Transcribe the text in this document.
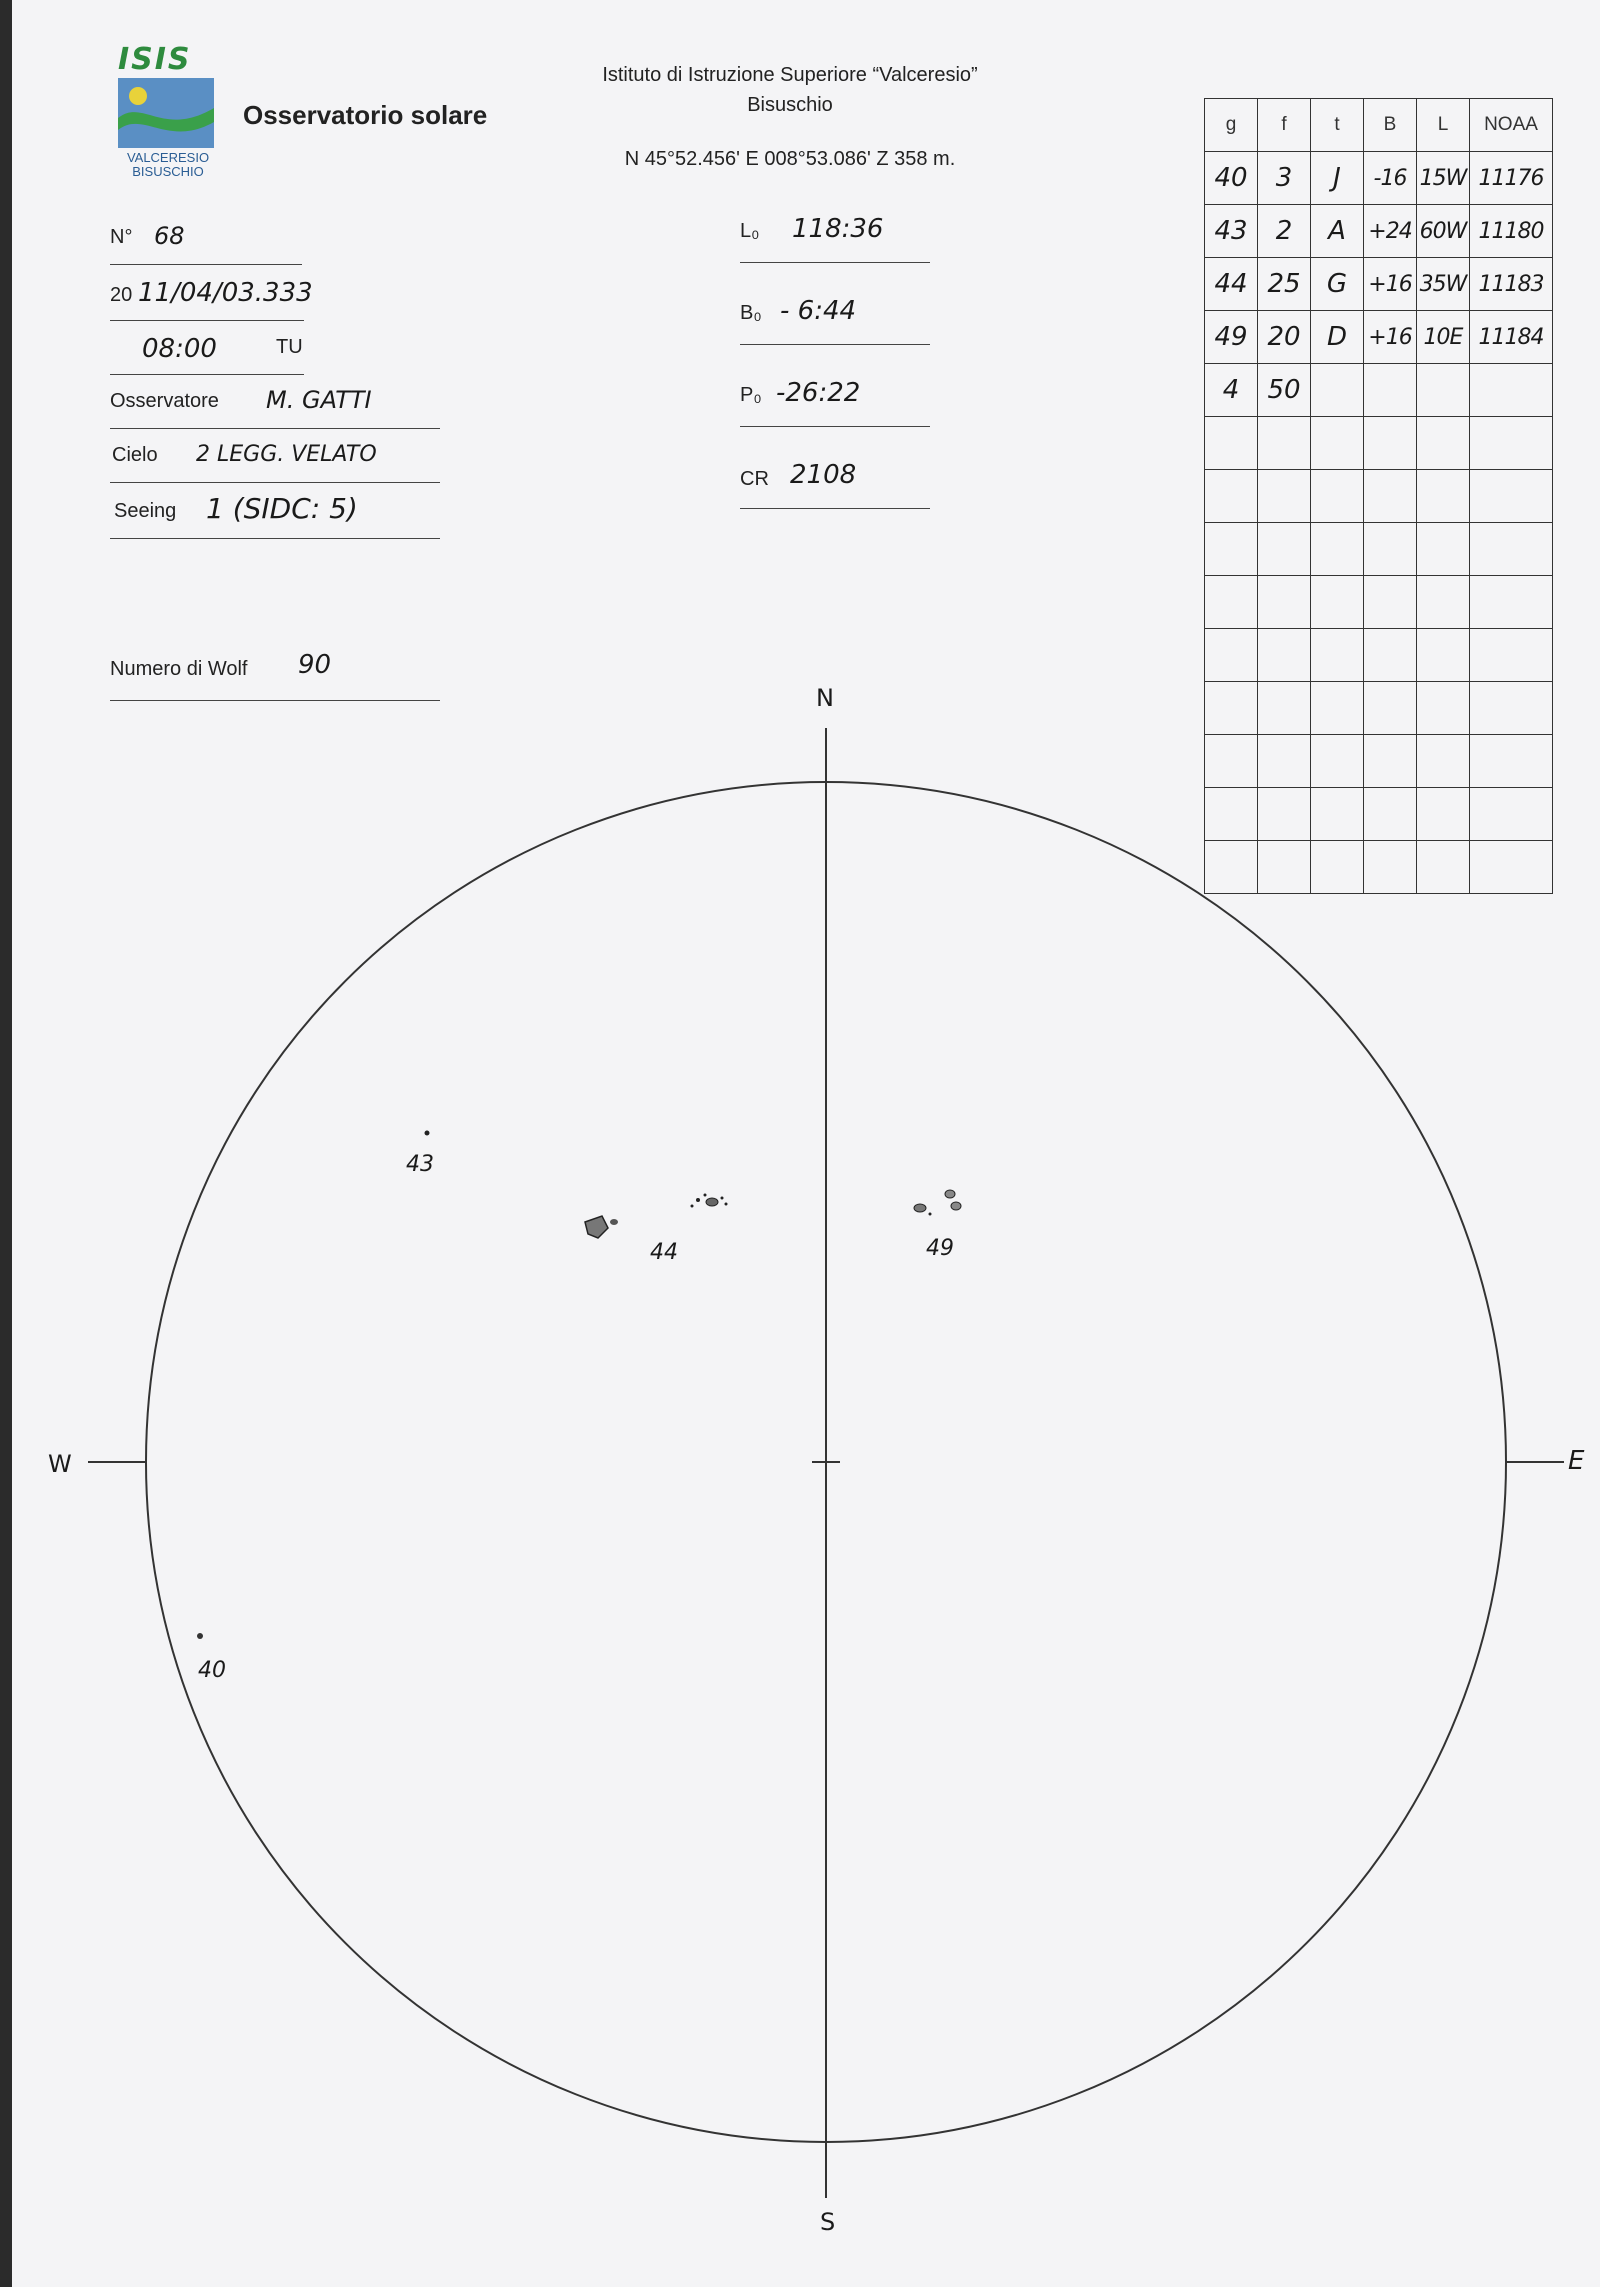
ISIS
VALCERESIO
BISUSCHIO
Osservatorio solare
Istituto di Istruzione Superiore “Valceresio”
Bisuschio
N 45°52.456' E 008°53.086' Z 358 m.
N° 68
20 11/04/03.333
08:00	TU
Osservatore M. GATTI
Cielo 2 LEGG. VELATO
Seeing 1 (SIDC: 5)
Numero di Wolf 90
L₀ 118:36
B₀ - 6:44
P₀ -26:22
CR 2108
g	f	t	B	L	NOAA
40	3	J	-16	15W	11176
43	2	A	+24	60W	11180
44	25	G	+16	35W	11183
49	20	D	+16	10E	11184
4	50				

N
S
W	E
43
44	49
40
